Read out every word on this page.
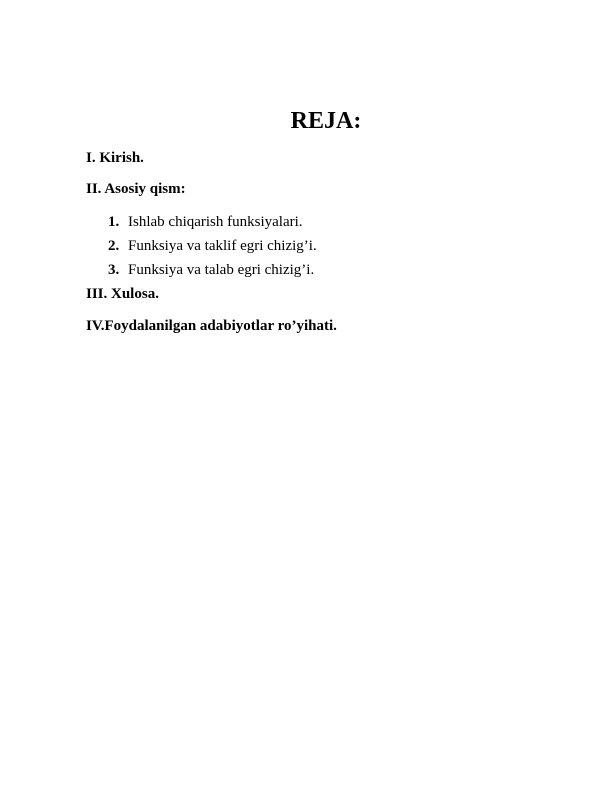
REJA:

I. Kirish.

II. Asosiy qism:

1. Ishlab chiqarish funksiyalari.
2. Funksiya va taklif egri chizig’i.
3. Funksiya va talab egri chizig’i.

III. Xulosa.

IV.Foydalanilgan adabiyotlar ro’yihati.
